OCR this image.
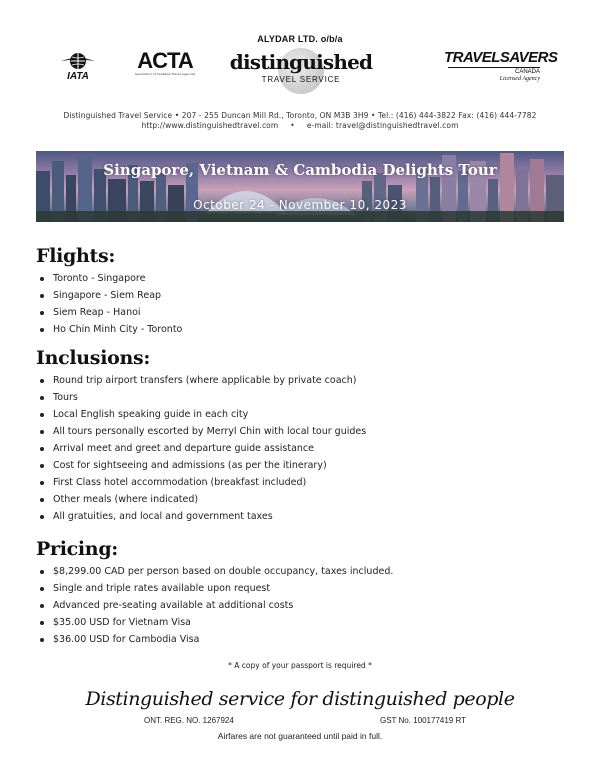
IATA
ACTA
Association of Canadian Travel Agencies
ALYDAR LTD. o/b/a
distinguished
TRAVEL SERVICE
TRAVELSAVERS
CANADA
Licensed Agency
Distinguished Travel Service • 207 - 255 Duncan Mill Rd., Toronto, ON M3B 3H9 • Tel.: (416) 444-3822 Fax: (416) 444-7782
http://www.distinguishedtravel.com • e-mail: travel@distinguishedtravel.com
Singapore, Vietnam & Cambodia Delights Tour
October 24 - November 10, 2023
Flights:
Toronto - Singapore
Singapore - Siem Reap
Siem Reap - Hanoi
Ho Chin Minh City - Toronto
Inclusions:
Round trip airport transfers (where applicable by private coach)
Tours
Local English speaking guide in each city
All tours personally escorted by Merryl Chin with local tour guides
Arrival meet and greet and departure guide assistance
Cost for sightseeing and admissions (as per the itinerary)
First Class hotel accommodation (breakfast included)
Other meals (where indicated)
All gratuities, and local and government taxes
Pricing:
$8,299.00 CAD per person based on double occupancy, taxes included.
Single and triple rates available upon request
Advanced pre-seating available at additional costs
$35.00 USD for Vietnam Visa
$36.00 USD for Cambodia Visa
* A copy of your passport is required *
Distinguished service for distinguished people
ONT. REG. NO. 1267924	GST No. 100177419 RT
Airfares are not guaranteed until paid in full.
